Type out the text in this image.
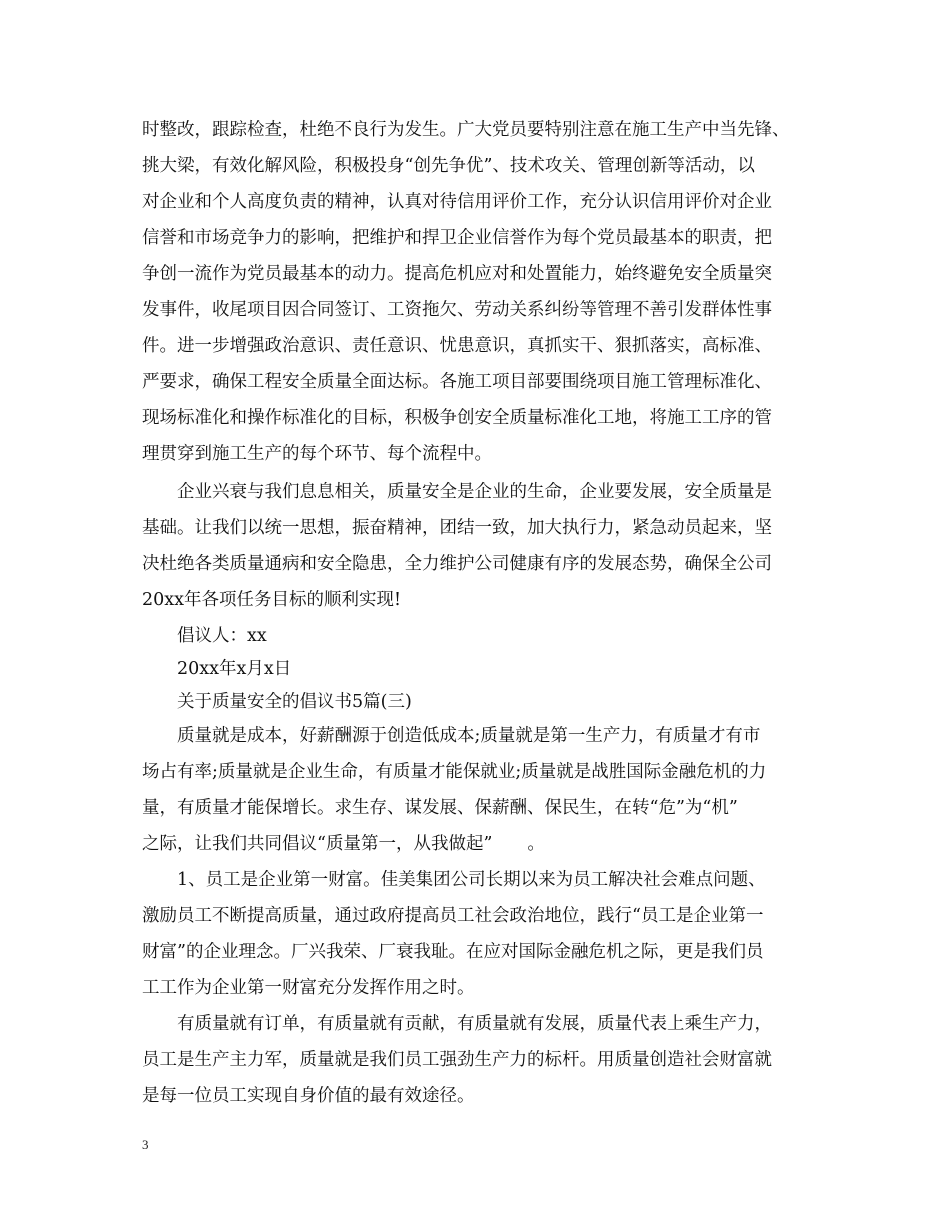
时整改，跟踪检查，杜绝不良行为发生。广大党员要特别注意在施工生产中当先锋、
挑大梁，有效化解风险，积极投身“创先争优”、技术攻关、管理创新等活动，以
对企业和个人高度负责的精神，认真对待信用评价工作，充分认识信用评价对企业
信誉和市场竞争力的影响，把维护和捍卫企业信誉作为每个党员最基本的职责，把
争创一流作为党员最基本的动力。提高危机应对和处置能力，始终避免安全质量突
发事件，收尾项目因合同签订、工资拖欠、劳动关系纠纷等管理不善引发群体性事
件。进一步增强政治意识、责任意识、忧患意识，真抓实干、狠抓落实，高标准、
严要求，确保工程安全质量全面达标。各施工项目部要围绕项目施工管理标准化、
现场标准化和操作标准化的目标，积极争创安全质量标准化工地，将施工工序的管
理贯穿到施工生产的每个环节、每个流程中。
企业兴衰与我们息息相关，质量安全是企业的生命，企业要发展，安全质量是
基础。让我们以统一思想，振奋精神，团结一致，加大执行力，紧急动员起来，坚
决杜绝各类质量通病和安全隐患，全力维护公司健康有序的发展态势，确保全公司
20xx年各项任务目标的顺利实现!
倡议人：xx
20xx年x月x日
关于质量安全的倡议书5篇(三)
质量就是成本，好薪酬源于创造低成本;质量就是第一生产力，有质量才有市
场占有率;质量就是企业生命，有质量才能保就业;质量就是战胜国际金融危机的力
量，有质量才能保增长。求生存、谋发展、保薪酬、保民生，在转“危”为“机”
之际，让我们共同倡议“质量第一，从我做起”　　。
1、员工是企业第一财富。佳美集团公司长期以来为员工解决社会难点问题、
激励员工不断提高质量，通过政府提高员工社会政治地位，践行“员工是企业第一
财富”的企业理念。厂兴我荣、厂衰我耻。在应对国际金融危机之际，更是我们员
工工作为企业第一财富充分发挥作用之时。
有质量就有订单，有质量就有贡献，有质量就有发展，质量代表上乘生产力，
员工是生产主力军，质量就是我们员工强劲生产力的标杆。用质量创造社会财富就
是每一位员工实现自身价值的最有效途径。
3
